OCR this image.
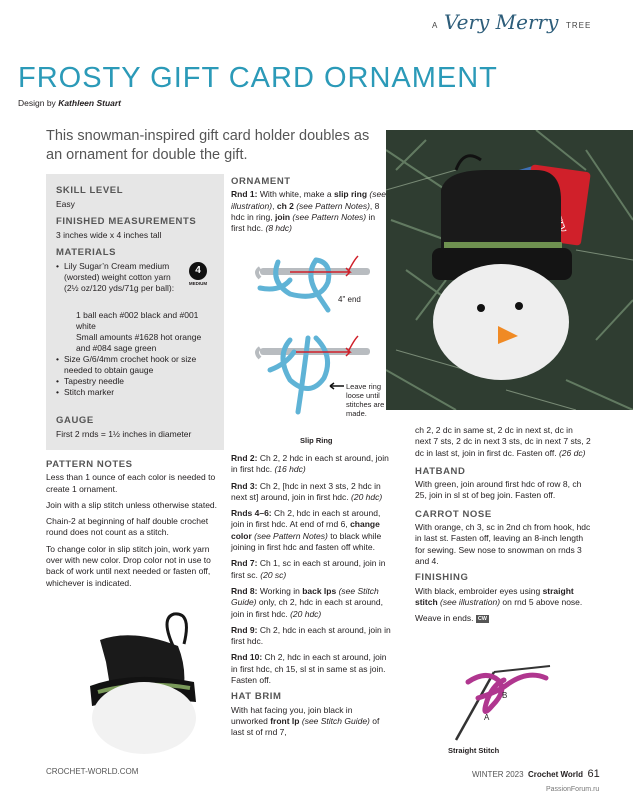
A Very Merry TREE
FROSTY GIFT CARD ORNAMENT
Design by Kathleen Stuart
This snowman-inspired gift card holder doubles as an ornament for double the gift.
SKILL LEVEL
Easy
FINISHED MEASUREMENTS
3 inches wide x 4 inches tall
MATERIALS
• Lily Sugar’n Cream medium (worsted) weight cotton yarn (2½ oz/120 yds/71g per ball):
1 ball each #002 black and #001 white
Small amounts #1628 hot orange and #084 sage green
• Size G/6/4mm crochet hook or size needed to obtain gauge
• Tapestry needle
• Stitch marker
4
MEDIUM
GAUGE
First 2 rnds = 1½ inches in diameter
PATTERN NOTES

Less than 1 ounce of each color is needed to create 1 ornament.

Join with a slip stitch unless otherwise stated.

Chain-2 at beginning of half double crochet round does not count as a stitch.

To change color in slip stitch join, work yarn over with new color. Drop color not in use to back of work until next needed or fasten off, whichever is indicated.

ORNAMENT

Rnd 1: With white, make a slip ring (see illustration), ch 2 (see Pattern Notes), 8 hdc in ring, join (see Pattern Notes) in first hdc. (8 hdc)

4" end
Leave ring loose until stitches are made.
Slip Ring

Rnd 2: Ch 2, 2 hdc in each st around, join in first hdc. (16 hdc)

Rnd 3: Ch 2, [hdc in next 3 sts, 2 hdc in next st] around, join in first hdc. (20 hdc)

Rnds 4–6: Ch 2, hdc in each st around, join in first hdc. At end of rnd 6, change color (see Pattern Notes) to black while joining in first hdc and fasten off white.

Rnd 7: Ch 1, sc in each st around, join in first sc. (20 sc)

Rnd 8: Working in back lps (see Stitch Guide) only, ch 2, hdc in each st around, join in first hdc. (20 hdc)

Rnd 9: Ch 2, hdc in each st around, join in first hdc.

Rnd 10: Ch 2, hdc in each st around, join in first hdc, ch 15, sl st in same st as join. Fasten off.

HAT BRIM

With hat facing you, join black in unworked front lp (see Stitch Guide) of last st of rnd 7,

ch 2, 2 dc in same st, 2 dc in next st, dc in next 7 sts, 2 dc in next 3 sts, dc in next 7 sts, 2 dc in last st, join in first dc. Fasten off. (26 dc)

HATBAND

With green, join around first hdc of row 8, ch 25, join in sl st of beg join. Fasten off.

CARROT NOSE

With orange, ch 3, sc in 2nd ch from hook, hdc in last st. Fasten off, leaving an 8-inch length for sewing. Sew nose to snowman on rnds 3 and 4.

FINISHING

With black, embroider eyes using straight stitch (see illustration) on rnd 5 above nose.

Weave in ends. CW

B
A
Straight Stitch
CROCHET-WORLD.COM	WINTER 2023 Crochet World 61
PassionForum.ru
